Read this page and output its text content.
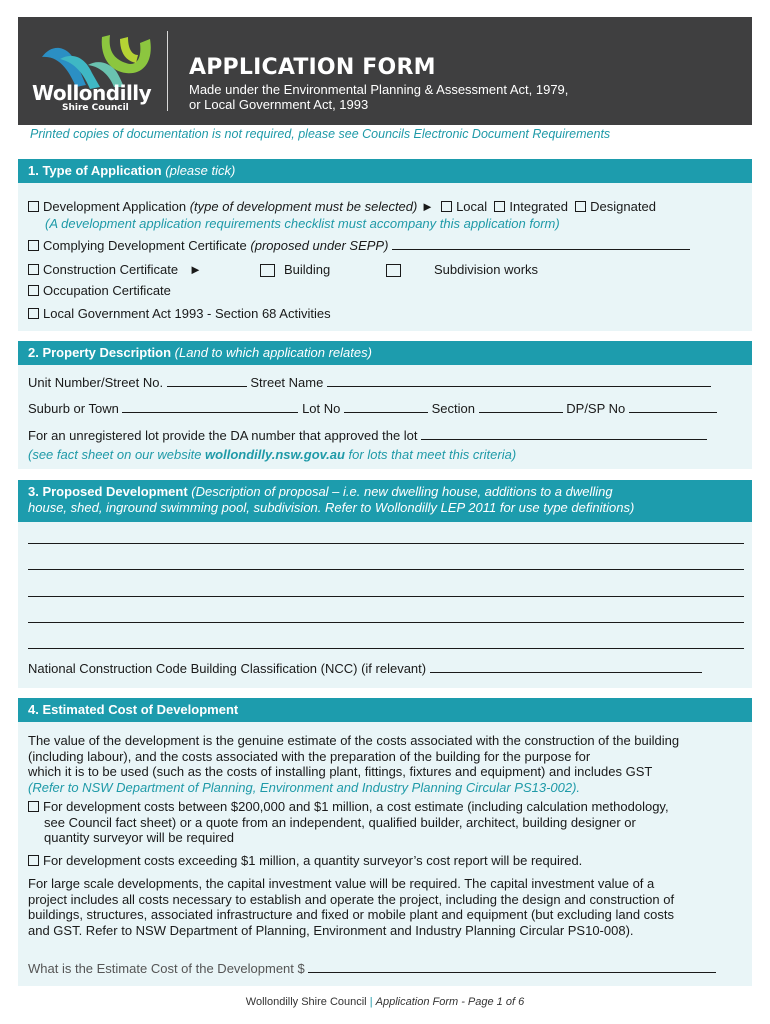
Wollondilly
Shire Council
APPLICATION FORM
Made under the Environmental Planning & Assessment Act, 1979,
or Local Government Act, 1993
Printed copies of documentation is not required, please see Councils Electronic Document Requirements
1. Type of Application (please tick)
Development Application (type of development must be selected) ► Local Integrated Designated
(A development application requirements checklist must accompany this application form)
Complying Development Certificate (proposed under SEPP)
Construction Certificate ►	Building	Subdivision works
Occupation Certificate
Local Government Act 1993 - Section 68 Activities
2. Property Description (Land to which application relates)
Unit Number/Street No.	Street Name
Suburb or Town	Lot No	Section	DP/SP No
For an unregistered lot provide the DA number that approved the lot
(see fact sheet on our website wollondilly.nsw.gov.au for lots that meet this criteria)
3. Proposed Development (Description of proposal – i.e. new dwelling house, additions to a dwelling
house, shed, inground swimming pool, subdivision. Refer to Wollondilly LEP 2011 for use type definitions)
National Construction Code Building Classification (NCC) (if relevant)
4. Estimated Cost of Development
The value of the development is the genuine estimate of the costs associated with the construction of the building
(including labour), and the costs associated with the preparation of the building for the purpose for
which it is to be used (such as the costs of installing plant, fittings, fixtures and equipment) and includes GST
(Refer to NSW Department of Planning, Environment and Industry Planning Circular PS13-002).
For development costs between $200,000 and $1 million, a cost estimate (including calculation methodology,
see Council fact sheet) or a quote from an independent, qualified builder, architect, building designer or
quantity surveyor will be required
For development costs exceeding $1 million, a quantity surveyor’s cost report will be required.
For large scale developments, the capital investment value will be required. The capital investment value of a
project includes all costs necessary to establish and operate the project, including the design and construction of
buildings, structures, associated infrastructure and fixed or mobile plant and equipment (but excluding land costs
and GST. Refer to NSW Department of Planning, Environment and Industry Planning Circular PS10-008).
What is the Estimate Cost of the Development $
Wollondilly Shire Council | Application Form - Page 1 of 6
